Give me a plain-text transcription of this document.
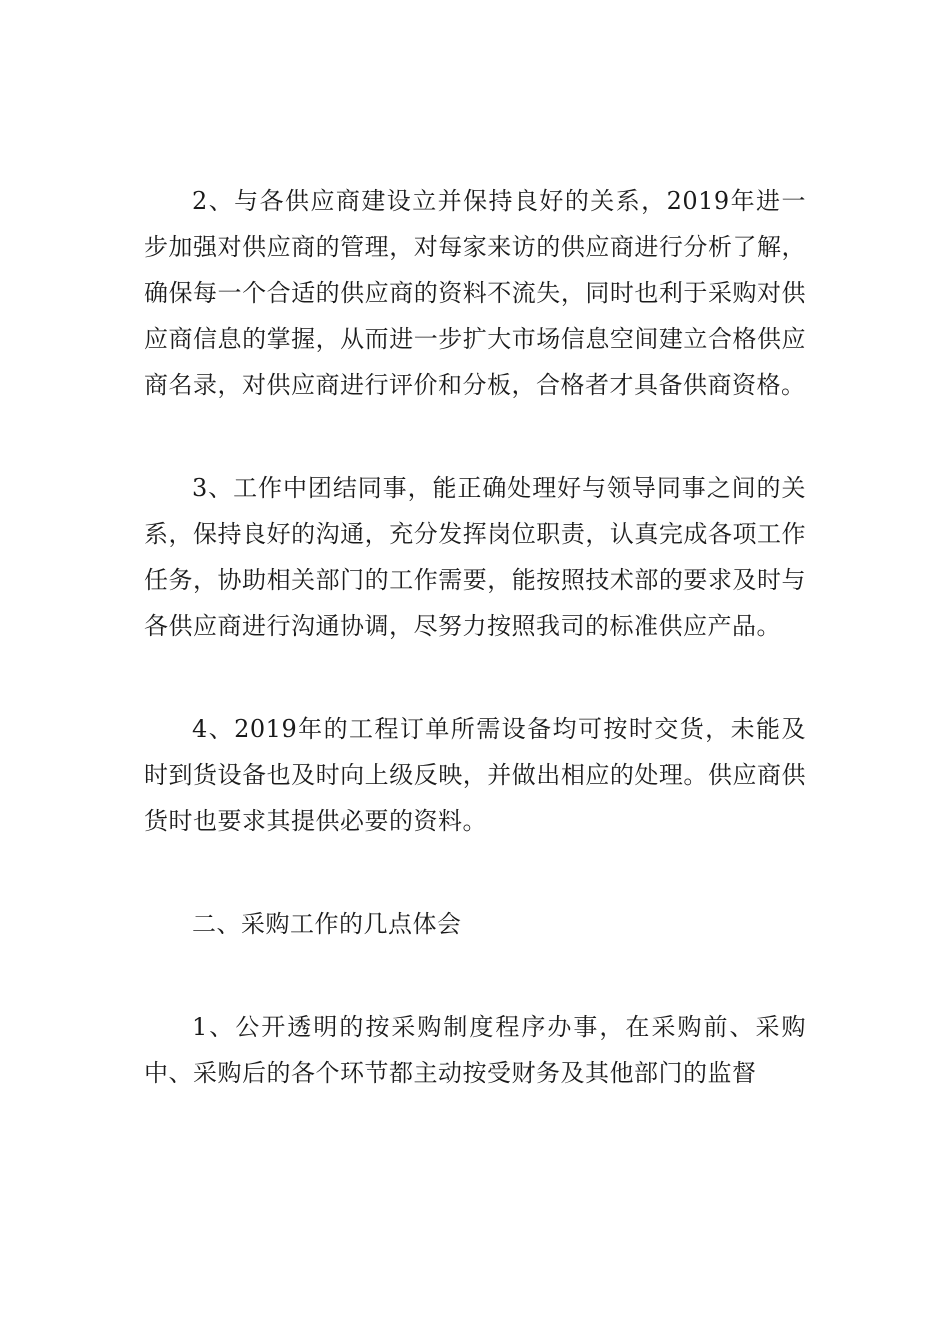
2、与各供应商建设立并保持良好的关系，2019年进一步加强对供应商的管理，对每家来访的供应商进行分析了解，确保每一个合适的供应商的资料不流失，同时也利于采购对供应商信息的掌握，从而进一步扩大市场信息空间建立合格供应商名录，对供应商进行评价和分板，合格者才具备供商资格。

3、工作中团结同事，能正确处理好与领导同事之间的关系，保持良好的沟通，充分发挥岗位职责，认真完成各项工作任务，协助相关部门的工作需要，能按照技术部的要求及时与各供应商进行沟通协调，尽努力按照我司的标准供应产品。

4、2019年的工程订单所需设备均可按时交货，未能及时到货设备也及时向上级反映，并做出相应的处理。供应商供货时也要求其提供必要的资料。

二、采购工作的几点体会

1、公开透明的按采购制度程序办事，在采购前、采购中、采购后的各个环节都主动按受财务及其他部门的监督
